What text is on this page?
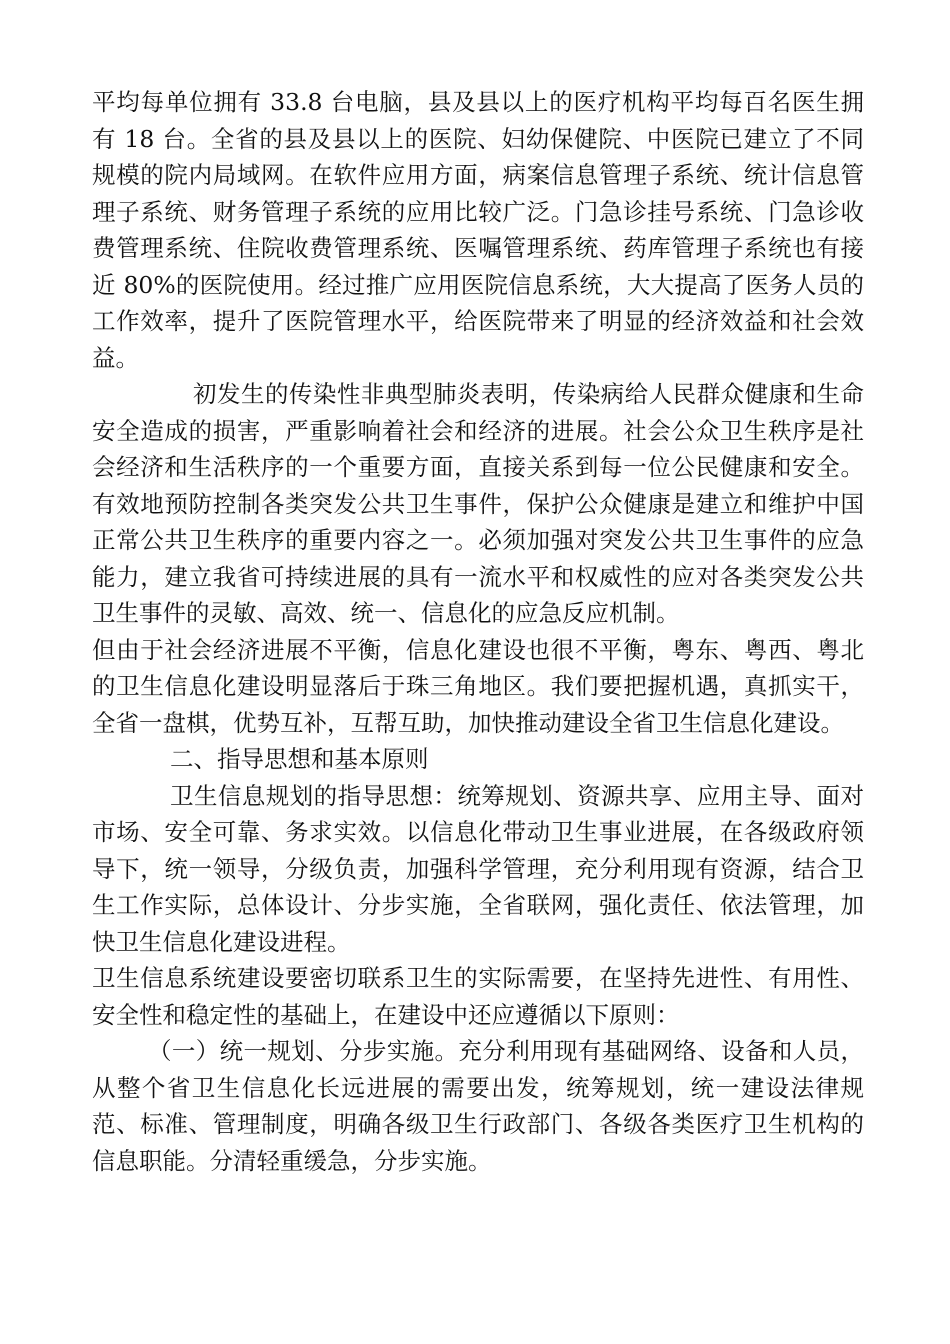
平均每单位拥有 33.8 台电脑，县及县以上的医疗机构平均每百名医生拥有 18 台。全省的县及县以上的医院、妇幼保健院、中医院已建立了不同规模的院内局域网。在软件应用方面，病案信息管理子系统、统计信息管理子系统、财务管理子系统的应用比较广泛。门急诊挂号系统、门急诊收费管理系统、住院收费管理系统、医嘱管理系统、药库管理子系统也有接近 80%的医院使用。经过推广应用医院信息系统，大大提高了医务人员的工作效率，提升了医院管理水平，给医院带来了明显的经济效益和社会效益。

初发生的传染性非典型肺炎表明，传染病给人民群众健康和生命安全造成的损害，严重影响着社会和经济的进展。社会公众卫生秩序是社会经济和生活秩序的一个重要方面，直接关系到每一位公民健康和安全。有效地预防控制各类突发公共卫生事件，保护公众健康是建立和维护中国正常公共卫生秩序的重要内容之一。必须加强对突发公共卫生事件的应急能力，建立我省可持续进展的具有一流水平和权威性的应对各类突发公共卫生事件的灵敏、高效、统一、信息化的应急反应机制。

但由于社会经济进展不平衡，信息化建设也很不平衡，粤东、粤西、粤北的卫生信息化建设明显落后于珠三角地区。我们要把握机遇，真抓实干，全省一盘棋，优势互补，互帮互助，加快推动建设全省卫生信息化建设。

二、指导思想和基本原则

卫生信息规划的指导思想：统筹规划、资源共享、应用主导、面对市场、安全可靠、务求实效。以信息化带动卫生事业进展，在各级政府领导下，统一领导，分级负责，加强科学管理，充分利用现有资源，结合卫生工作实际，总体设计、分步实施，全省联网，强化责任、依法管理，加快卫生信息化建设进程。

卫生信息系统建设要密切联系卫生的实际需要，在坚持先进性、有用性、安全性和稳定性的基础上，在建设中还应遵循以下原则：

（一）统一规划、分步实施。充分利用现有基础网络、设备和人员，从整个省卫生信息化长远进展的需要出发，统筹规划，统一建设法律规范、标准、管理制度，明确各级卫生行政部门、各级各类医疗卫生机构的信息职能。分清轻重缓急，分步实施。
